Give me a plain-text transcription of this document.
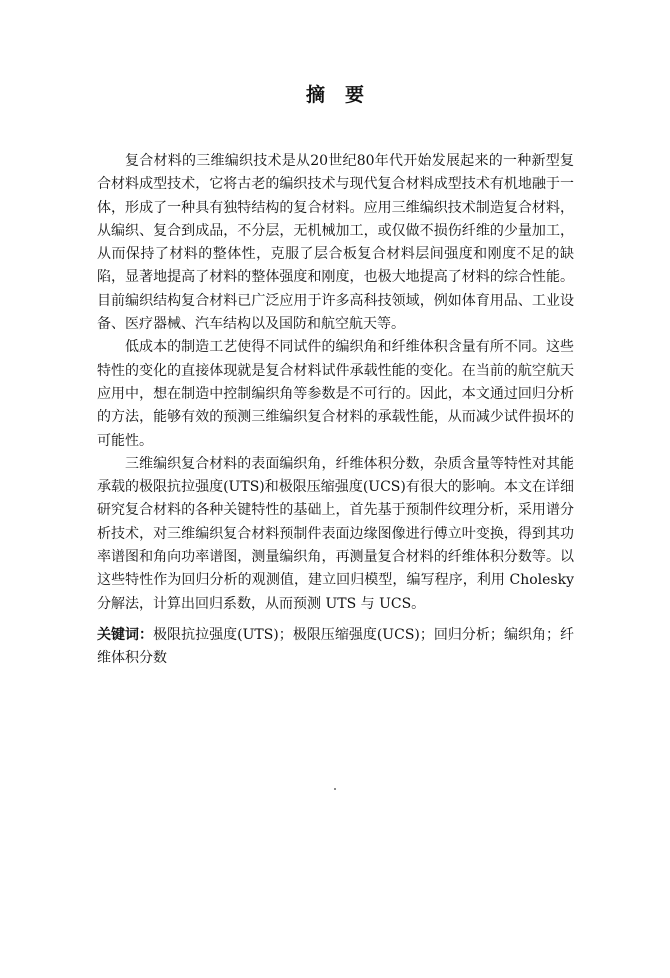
摘要

复合材料的三维编织技术是从20世纪80年代开始发展起来的一种新型复合材料成型技术，它将古老的编织技术与现代复合材料成型技术有机地融于一体，形成了一种具有独特结构的复合材料。应用三维编织技术制造复合材料，从编织、复合到成品，不分层，无机械加工，或仅做不损伤纤维的少量加工，从而保持了材料的整体性，克服了层合板复合材料层间强度和刚度不足的缺陷，显著地提高了材料的整体强度和刚度，也极大地提高了材料的综合性能。目前编织结构复合材料已广泛应用于许多高科技领域，例如体育用品、工业设备、医疗器械、汽车结构以及国防和航空航天等。

低成本的制造工艺使得不同试件的编织角和纤维体积含量有所不同。这些特性的变化的直接体现就是复合材料试件承载性能的变化。在当前的航空航天应用中，想在制造中控制编织角等参数是不可行的。因此，本文通过回归分析的方法，能够有效的预测三维编织复合材料的承载性能，从而减少试件损坏的可能性。

三维编织复合材料的表面编织角，纤维体积分数，杂质含量等特性对其能承载的极限抗拉强度(UTS)和极限压缩强度(UCS)有很大的影响。本文在详细研究复合材料的各种关键特性的基础上，首先基于预制件纹理分析，采用谱分析技术，对三维编织复合材料预制件表面边缘图像进行傅立叶变换，得到其功率谱图和角向功率谱图，测量编织角，再测量复合材料的纤维体积分数等。以这些特性作为回归分析的观测值，建立回归模型，编写程序，利用 Cholesky 分解法，计算出回归系数，从而预测 UTS 与 UCS。

关键词：极限抗拉强度(UTS)；极限压缩强度(UCS)；回归分析；编织角；纤维体积分数
